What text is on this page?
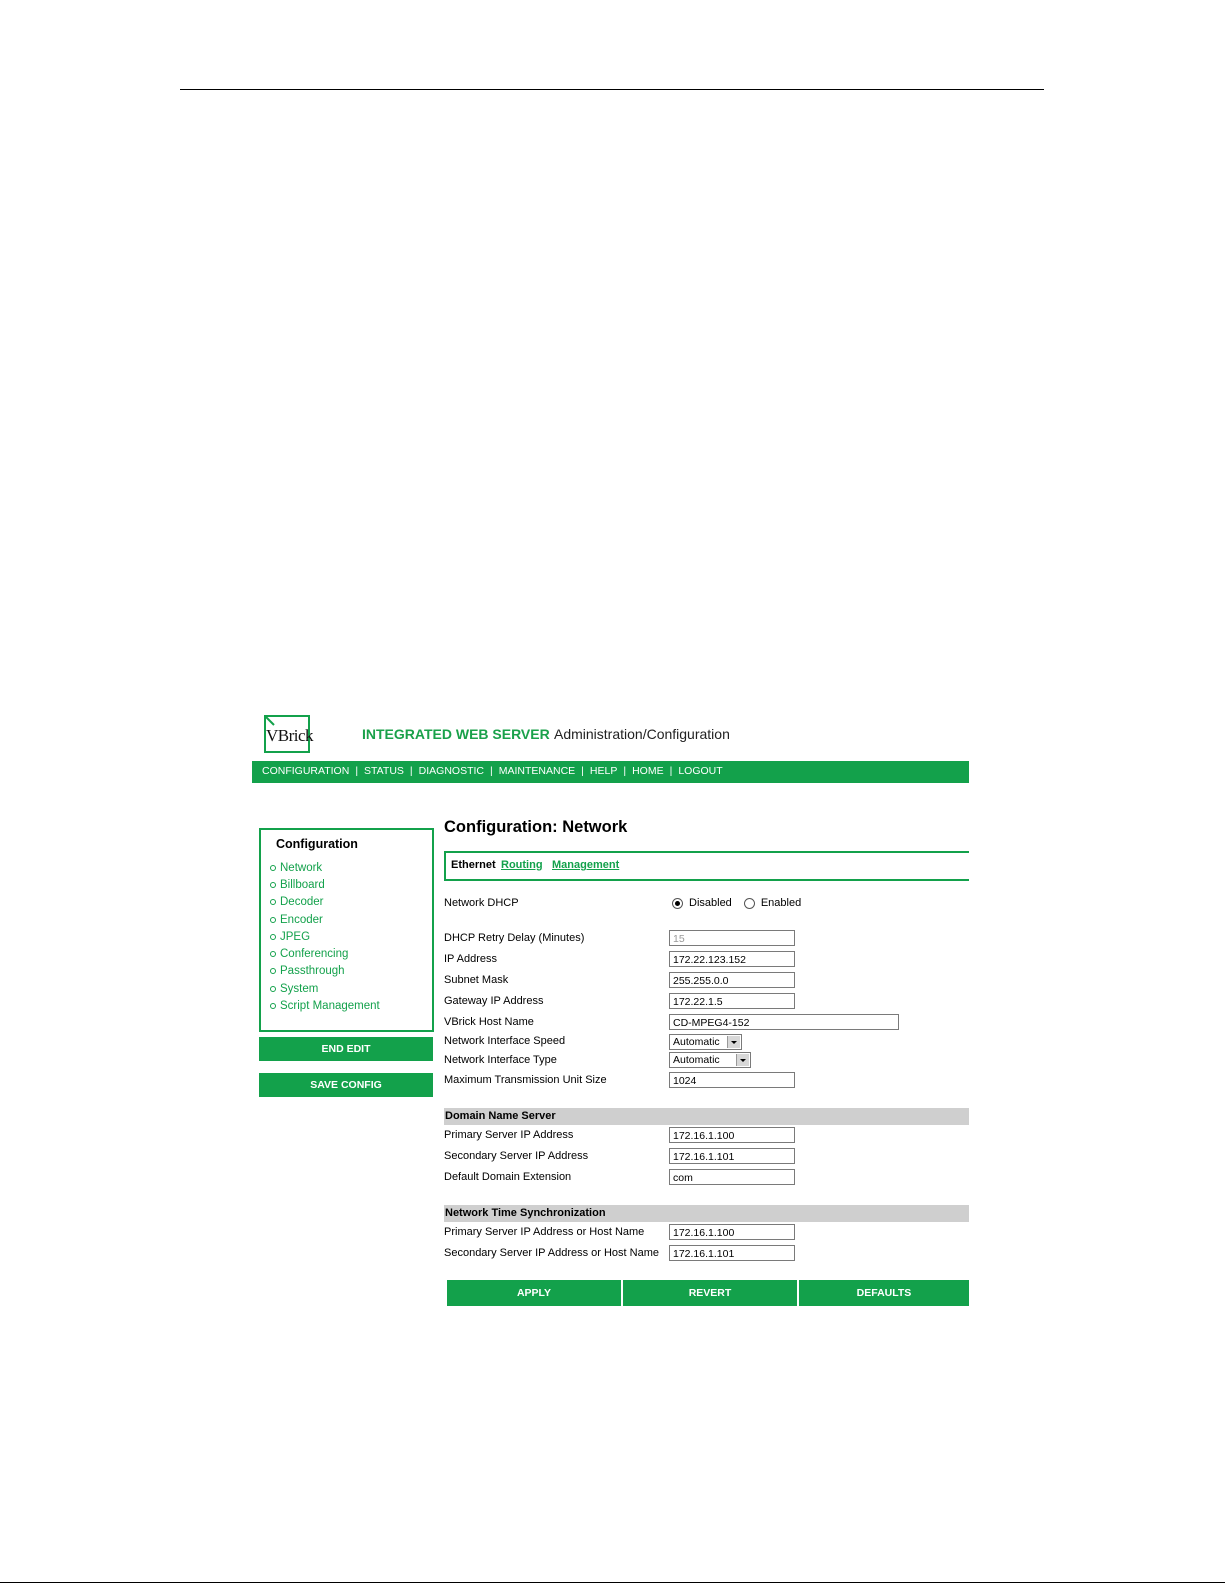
VBrick	INTEGRATED WEB SERVER Administration/Configuration
CONFIGURATION | STATUS | DIAGNOSTIC | MAINTENANCE | HELP | HOME | LOGOUT
Configuration
Network
Billboard
Decoder
Encoder
JPEG
Conferencing
Passthrough
System
Script Management
END EDIT
SAVE CONFIG
Configuration: Network
Ethernet Routing Management
Network DHCP	Disabled	Enabled
DHCP Retry Delay (Minutes)	15
IP Address	172.22.123.152
Subnet Mask	255.255.0.0
Gateway IP Address	172.22.1.5
VBrick Host Name	CD-MPEG4-152
Network Interface Speed	Automatic
Network Interface Type	Automatic
Maximum Transmission Unit Size	1024
Domain Name Server
Primary Server IP Address	172.16.1.100
Secondary Server IP Address	172.16.1.101
Default Domain Extension	com
Network Time Synchronization
Primary Server IP Address or Host Name	172.16.1.100
Secondary Server IP Address or Host Name	172.16.1.101
APPLY	REVERT	DEFAULTS
